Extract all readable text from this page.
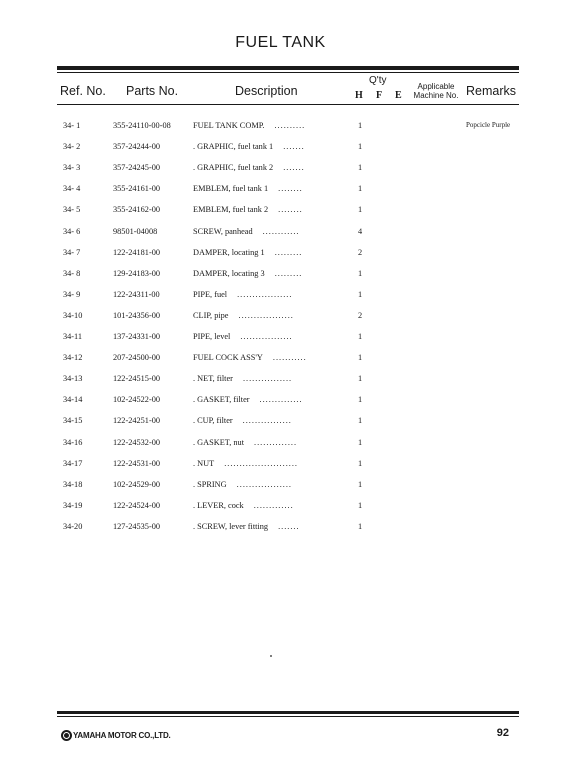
FUEL TANK
Ref. No. Parts No.	Description
Q'ty
H F E
Applicable
Machine No. Remarks
34- 1	355-24110-00-08	FUEL TANK COMP. ..........	1	Popcicle Purple
34- 2	357-24244-00	. GRAPHIC, fuel tank 1 .......	1
34- 3	357-24245-00	. GRAPHIC, fuel tank 2 .......	1
34- 4	355-24161-00	EMBLEM, fuel tank 1 ........	1
34- 5	355-24162-00	EMBLEM, fuel tank 2 ........	1
34- 6	98501-04008	SCREW, panhead ............	4
34- 7	122-24181-00	DAMPER, locating 1 .........	2
34- 8	129-24183-00	DAMPER, locating 3 .........	1
34- 9	122-24311-00	PIPE, fuel ..................	1
34-10	101-24356-00	CLIP, pipe ..................	2
34-11	137-24331-00	PIPE, level .................	1
34-12	207-24500-00	FUEL COCK ASS'Y ...........	1
34-13	122-24515-00	. NET, filter ................	1
34-14	102-24522-00	. GASKET, filter ..............	1
34-15	122-24251-00	. CUP, filter ................	1
34-16	122-24532-00	. GASKET, nut ..............	1
34-17	122-24531-00	. NUT ........................	1
34-18	102-24529-00	. SPRING ..................	1
34-19	122-24524-00	. LEVER, cock .............	1
34-20	127-24535-00	. SCREW, lever fitting .......	1
YAMAHA MOTOR CO.,LTD.	92
